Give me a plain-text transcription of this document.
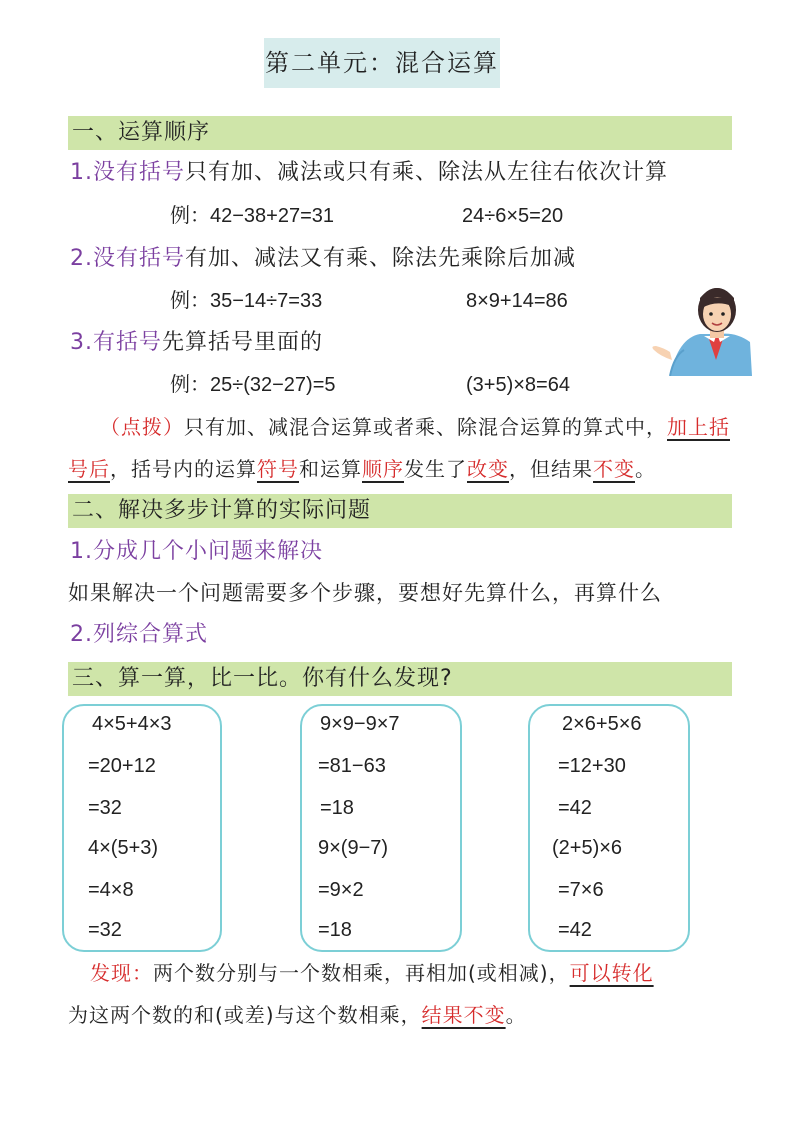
第二单元：混合运算
一、运算顺序
1.没有括号只有加、减法或只有乘、除法从左往右依次计算
例：42−38+27=31	24÷6×5=20
2.没有括号有加、减法又有乘、除法先乘除后加减
例：35−14÷7=33	8×9+14=86
3.有括号先算括号里面的
例：25÷(32−27)=5	(3+5)×8=64
（点拨）只有加、减混合运算或者乘、除混合运算的算式中，加上括
号后，括号内的运算符号和运算顺序发生了改变，但结果不变。
二、解决多步计算的实际问题
1.分成几个小问题来解决
如果解决一个问题需要多个步骤，要想好先算什么，再算什么
2.列综合算式
三、算一算，比一比。你有什么发现?
4×5+4×3
=20+12
=32
4×(5+3)
=4×8
=32
9×9−9×7
=81−63
=18
9×(9−7)
=9×2
=18
2×6+5×6
=12+30
=42
(2+5)×6
=7×6
=42
发现：两个数分别与一个数相乘，再相加(或相减)，可以转化
为这两个数的和(或差)与这个数相乘，结果不变。
